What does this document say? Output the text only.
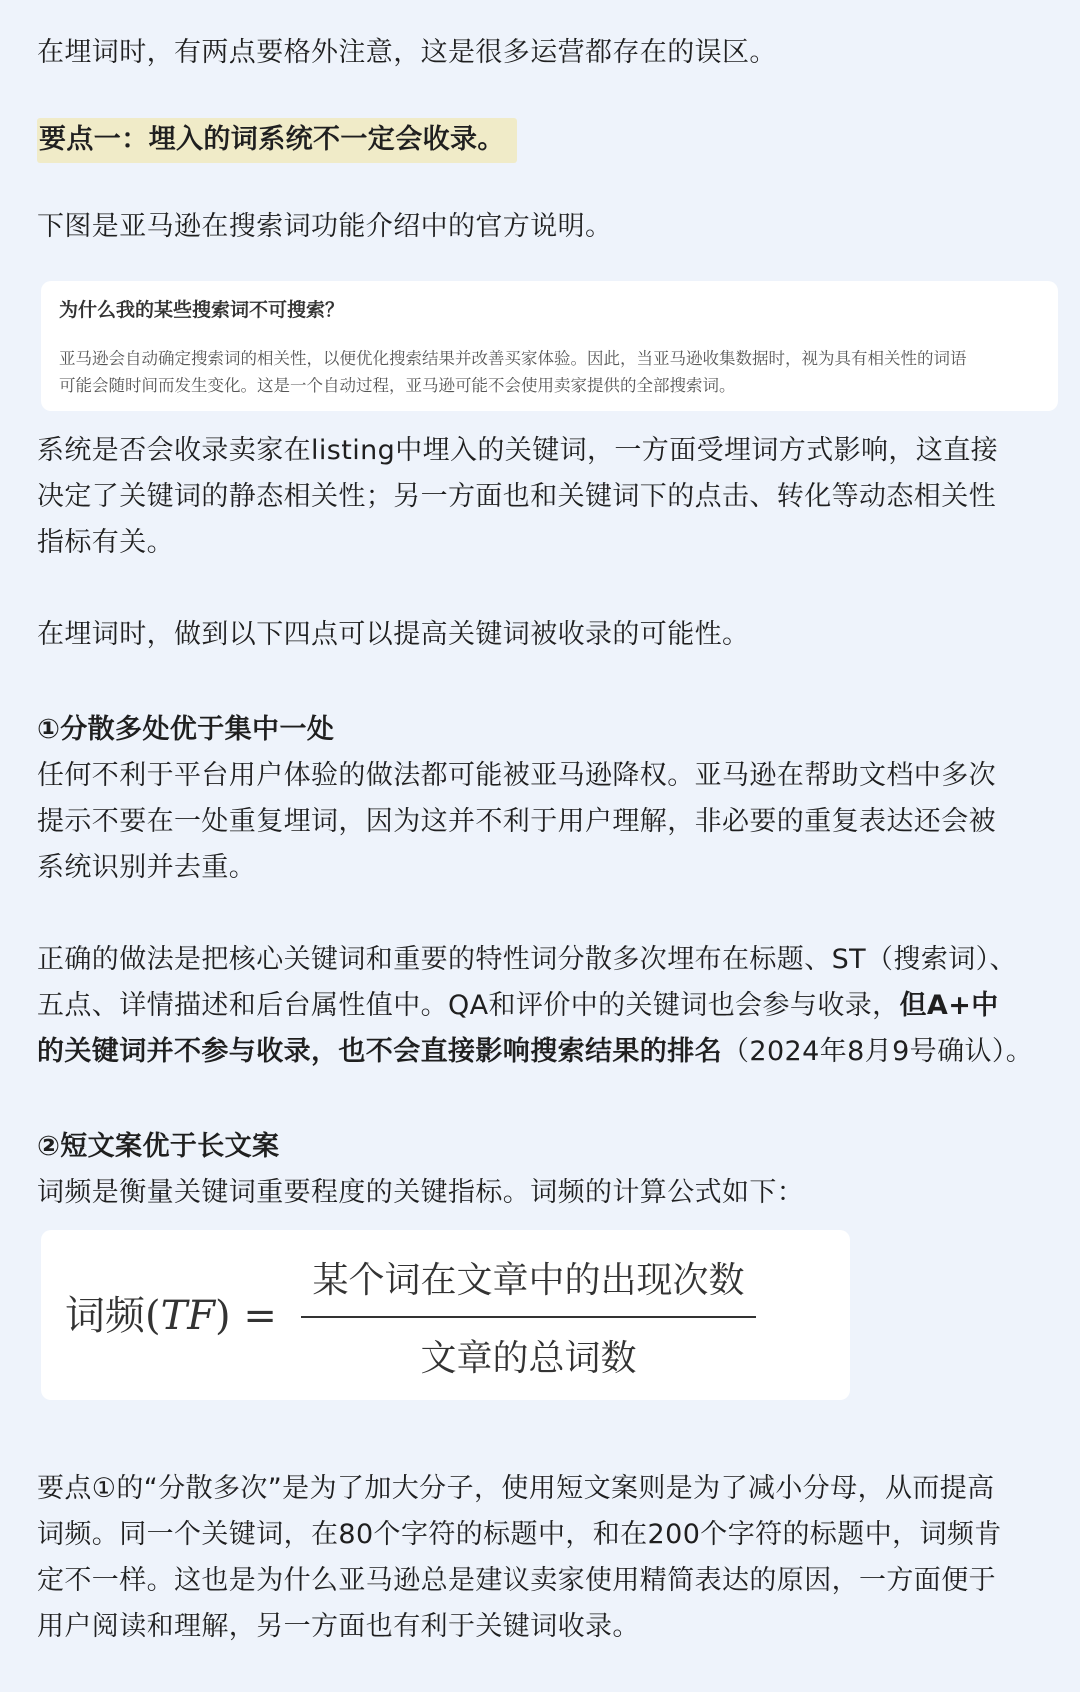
在埋词时，有两点要格外注意，这是很多运营都存在的误区。
要点一：埋入的词系统不一定会收录。
下图是亚马逊在搜索词功能介绍中的官方说明。
为什么我的某些搜索词不可搜索？
亚马逊会自动确定搜索词的相关性，以便优化搜索结果并改善买家体验。因此，当亚马逊收集数据时，视为具有相关性的词语
可能会随时间而发生变化。这是一个自动过程，亚马逊可能不会使用卖家提供的全部搜索词。
系统是否会收录卖家在listing中埋入的关键词，一方面受埋词方式影响，这直接
决定了关键词的静态相关性；另一方面也和关键词下的点击、转化等动态相关性
指标有关。
在埋词时，做到以下四点可以提高关键词被收录的可能性。
①分散多处优于集中一处
任何不利于平台用户体验的做法都可能被亚马逊降权。亚马逊在帮助文档中多次
提示不要在一处重复埋词，因为这并不利于用户理解，非必要的重复表达还会被
系统识别并去重。
正确的做法是把核心关键词和重要的特性词分散多次埋布在标题、ST（搜索词）、
五点、详情描述和后台属性值中。QA和评价中的关键词也会参与收录，但A+中
的关键词并不参与收录，也不会直接影响搜索结果的排名（2024年8月9号确认）。
②短文案优于长文案
词频是衡量关键词重要程度的关键指标。词频的计算公式如下：
词频(TF) =
某个词在文章中的出现次数
文章的总词数
要点①的“分散多次”是为了加大分子，使用短文案则是为了减小分母，从而提高
词频。同一个关键词，在80个字符的标题中，和在200个字符的标题中，词频肯
定不一样。这也是为什么亚马逊总是建议卖家使用精简表达的原因，一方面便于
用户阅读和理解，另一方面也有利于关键词收录。
